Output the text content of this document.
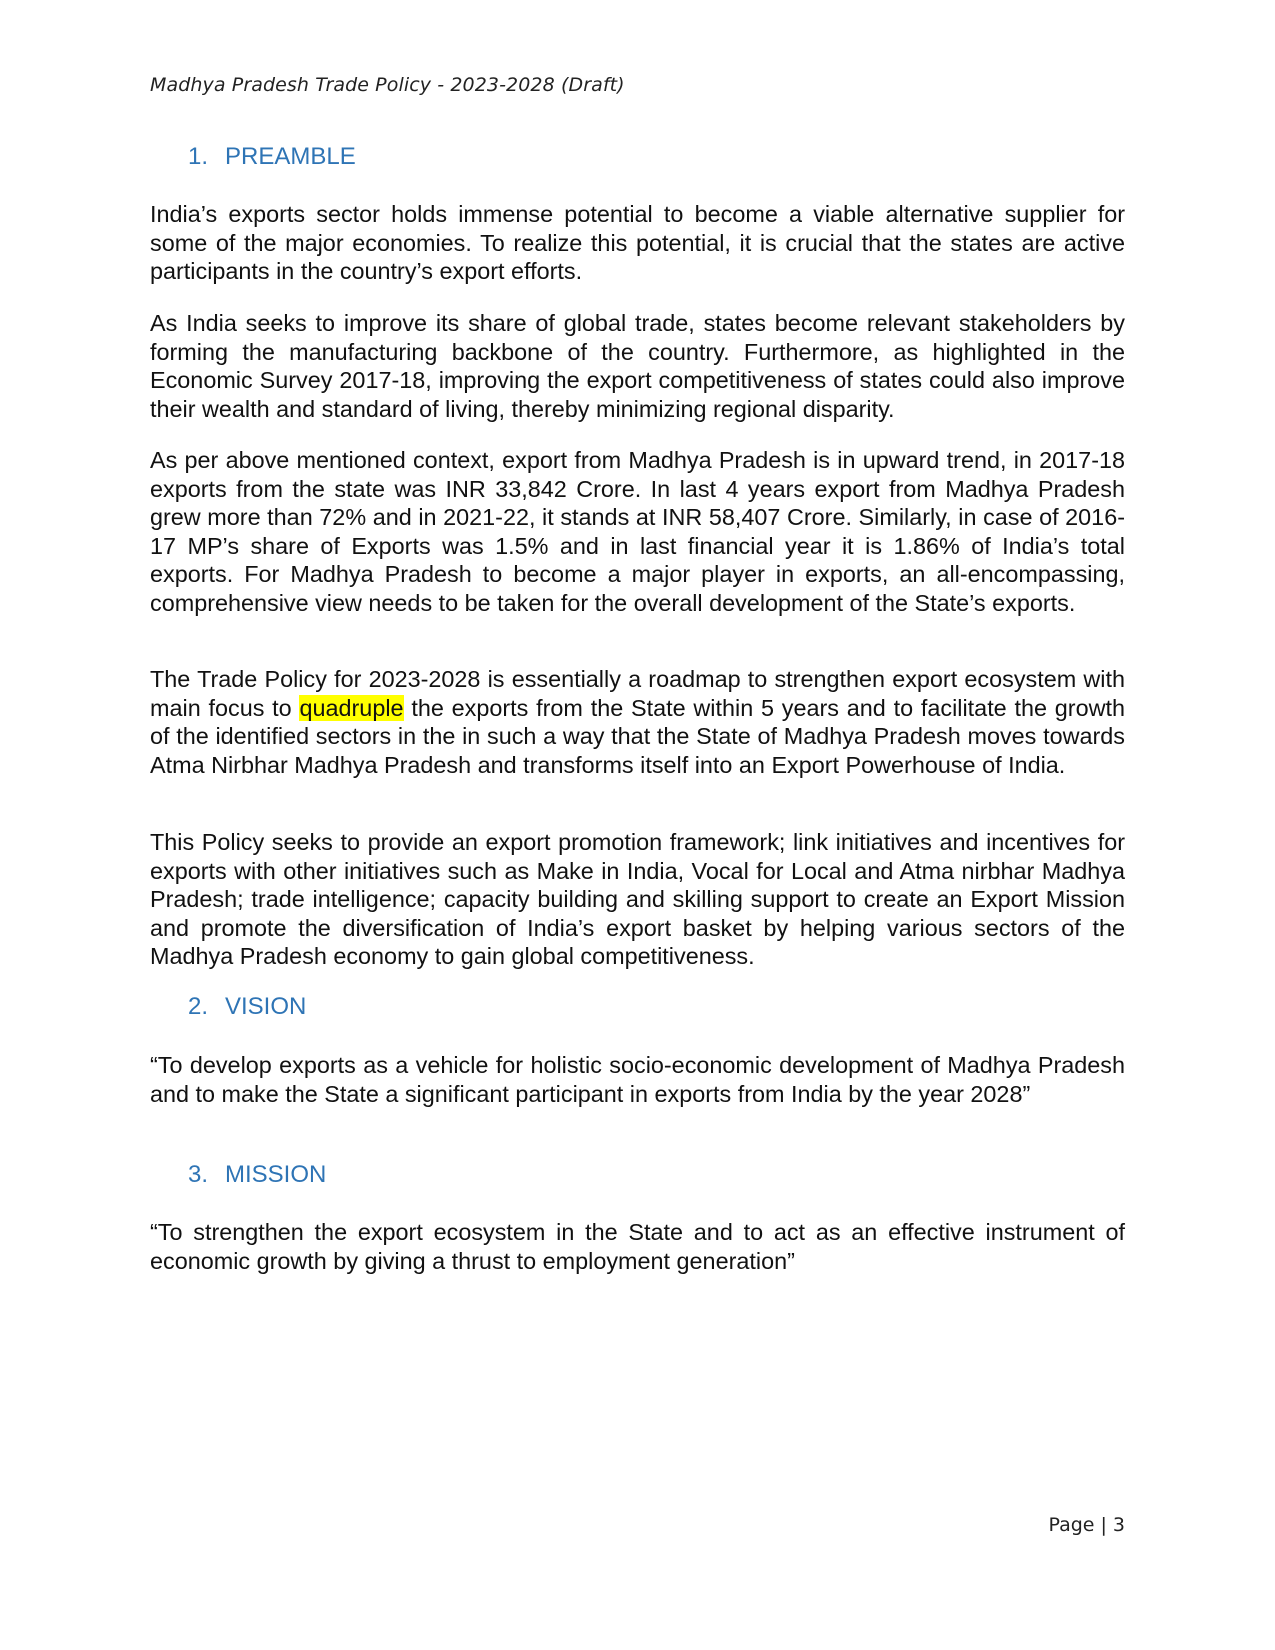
Madhya Pradesh Trade Policy - 2023-2028 (Draft)
1. PREAMBLE

India’s exports sector holds immense potential to become a viable alternative supplier for some of the major economies. To realize this potential, it is crucial that the states are active participants in the country’s export efforts.

As India seeks to improve its share of global trade, states become relevant stakeholders by forming the manufacturing backbone of the country. Furthermore, as highlighted in the Economic Survey 2017-18, improving the export competitiveness of states could also improve their wealth and standard of living, thereby minimizing regional disparity.

As per above mentioned context, export from Madhya Pradesh is in upward trend, in 2017-18 exports from the state was INR 33,842 Crore. In last 4 years export from Madhya Pradesh grew more than 72% and in 2021-22, it stands at INR 58,407 Crore. Similarly, in case of 2016-17 MP’s share of Exports was 1.5% and in last financial year it is 1.86% of India’s total exports. For Madhya Pradesh to become a major player in exports, an all-encompassing, comprehensive view needs to be taken for the overall development of the State’s exports.

The Trade Policy for 2023-2028 is essentially a roadmap to strengthen export ecosystem with main focus to quadruple the exports from the State within 5 years and to facilitate the growth of the identified sectors in the in such a way that the State of Madhya Pradesh moves towards Atma Nirbhar Madhya Pradesh and transforms itself into an Export Powerhouse of India.

This Policy seeks to provide an export promotion framework; link initiatives and incentives for exports with other initiatives such as Make in India, Vocal for Local and Atma nirbhar Madhya Pradesh; trade intelligence; capacity building and skilling support to create an Export Mission and promote the diversification of India’s export basket by helping various sectors of the Madhya Pradesh economy to gain global competitiveness.

2. VISION

“To develop exports as a vehicle for holistic socio-economic development of Madhya Pradesh and to make the State a significant participant in exports from India by the year 2028”

3. MISSION

“To strengthen the export ecosystem in the State and to act as an effective instrument of economic growth by giving a thrust to employment generation”

Page | 3
